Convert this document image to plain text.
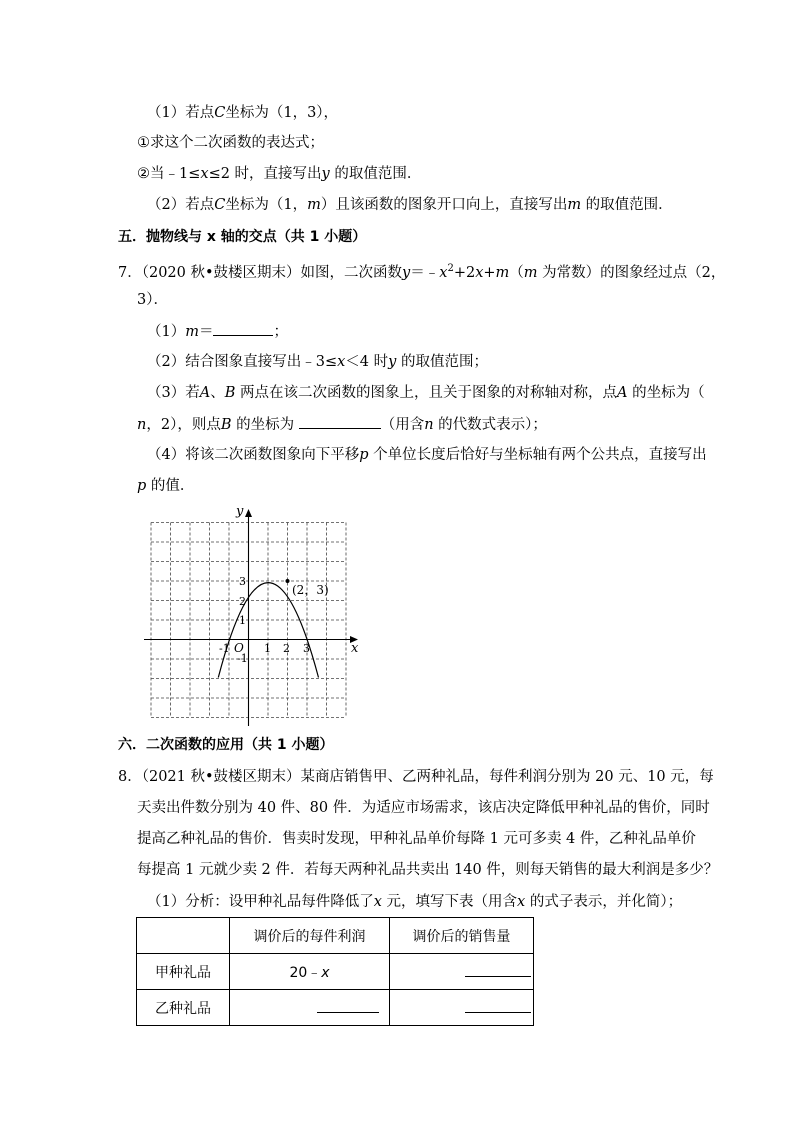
（1）若点C坐标为（1，3），
①求这个二次函数的表达式；
②当﹣1≤x≤2 时，直接写出y 的取值范围．
（2）若点C坐标为（1，m）且该函数的图象开口向上，直接写出m 的取值范围．
五．抛物线与 x 轴的交点（共 1 小题）
7．（2020 秋•鼓楼区期末）如图，二次函数$y=﹣x^2+2x+m(m$ 为常数）的图象经过点（2，
3）．
（1）m＝	；
（2）结合图象直接写出﹣3≤x＜4 时y 的取值范围；
（3）若A、B 两点在该二次函数的图象上，且关于图象的对称轴对称，点A 的坐标为（
n，2），则点B 的坐标为	（用含n 的代数式表示）；
（4）将该二次函数图象向下平移p 个单位长度后恰好与坐标轴有两个公共点，直接写出
p 的值．
y
x
O
-1	1 2 3
3
2
1
-1
(2，3)
六．二次函数的应用（共 1 小题）
8．（2021 秋•鼓楼区期末）某商店销售甲、乙两种礼品，每件利润分别为 20 元、10 元，每
天卖出件数分别为 40 件、80 件．为适应市场需求，该店决定降低甲种礼品的售价，同时
提高乙种礼品的售价．售卖时发现，甲种礼品单价每降 1 元可多卖 4 件，乙种礼品单价
每提高 1 元就少卖 2 件．若每天两种礼品共卖出 140 件，则每天销售的最大利润是多少？
（1）分析：设甲种礼品每件降低了x 元，填写下表（用含x 的式子表示，并化简）；
	调价后的每件利润	调价后的销售量
甲种礼品	20﹣x	
乙种礼品		
